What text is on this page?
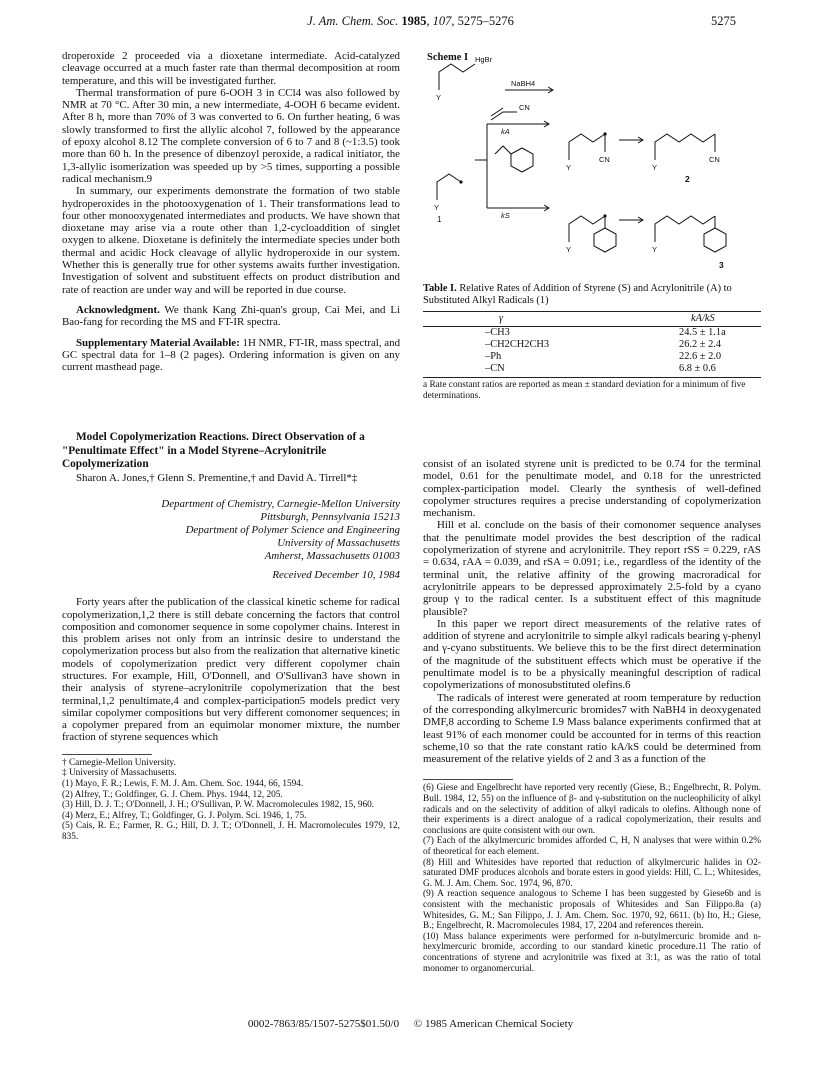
J. Am. Chem. Soc. 1985, 107, 5275–5276	5275

droperoxide 2 proceeded via a dioxetane intermediate. Acid-catalyzed cleavage occurred at a much faster rate than thermal decomposition at room temperature, and this will be investigated further.

Thermal transformation of pure 6-OOH 3 in CCl4 was also followed by NMR at 70 °C. After 30 min, a new intermediate, 4-OOH 6 became evident. After 8 h, more than 70% of 3 was converted to 6. On further heating, 6 was slowly transformed to first the allylic alcohol 7, followed by the appearance of epoxy alcohol 8.12 The complete conversion of 6 to 7 and 8 (~1:3.5) took more than 60 h. In the presence of dibenzoyl peroxide, a radical initiator, the 1,3-allylic isomerization was speeded up by >5 times, supporting a possible radical mechanism.9

In summary, our experiments demonstrate the formation of two stable hydroperoxides in the photooxygenation of 1. Their transformations lead to four other monooxygenated intermediates and products. We have shown that dioxetane may arise via a route other than 1,2-cycloaddition of singlet oxygen to alkene. Dioxetane is definitely the intermediate species under both thermal and acidic Hock cleavage of allylic hydroperoxide in our system. Whether this is generally true for other systems awaits further investigation. Investigation of solvent and substituent effects on product distribution and rate of reaction are under way and will be reported in due course.

Acknowledgment. We thank Kang Zhi-quan's group, Cai Mei, and Li Bao-fang for recording the MS and FT-IR spectra.

Supplementary Material Available: 1H NMR, FT-IR, mass spectral, and GC spectral data for 1–8 (2 pages). Ordering information is given on any current masthead page.

Model Copolymerization Reactions. Direct Observation of a "Penultimate Effect" in a Model Styrene–Acrylonitrile Copolymerization

Sharon A. Jones,† Glenn S. Prementine,† and David A. Tirrell*‡

Department of Chemistry, Carnegie-Mellon University
Pittsburgh, Pennsylvania 15213
Department of Polymer Science and Engineering
University of Massachusetts
Amherst, Massachusetts 01003
Received December 10, 1984

Forty years after the publication of the classical kinetic scheme for radical copolymerization,1,2 there is still debate concerning the factors that control composition and comonomer sequence in some copolymer chains. Interest in this problem arises not only from an intrinsic desire to understand the copolymerization process but also from the realization that alternative kinetic models of copolymerization predict very different copolymer chain structures. For example, Hill, O'Donnell, and O'Sullivan3 have shown in their analysis of styrene–acrylonitrile copolymerization that the best terminal,1,2 penultimate,4 and complex-participation5 models predict very similar copolymer compositions but very different comonomer sequences; in a copolymer prepared from an equimolar monomer mixture, the number fraction of styrene sequences which

† Carnegie-Mellon University.
‡ University of Massachusetts.
(1) Mayo, F. R.; Lewis, F. M. J. Am. Chem. Soc. 1944, 66, 1594.
(2) Alfrey, T.; Goldfinger, G. J. Chem. Phys. 1944, 12, 205.
(3) Hill, D. J. T.; O'Donnell, J. H.; O'Sullivan, P. W. Macromolecules 1982, 15, 960.
(4) Merz, E.; Alfrey, T.; Goldfinger, G. J. Polym. Sci. 1946, 1, 75.
(5) Cais, R. E.; Farmer, R. G.; Hill, D. J. T.; O'Donnell, J. H. Macromolecules 1979, 12, 835.
HgBr
NaBH4
Y
Y
1
kA
kS
CN
Y
CN
Y
CN
2
Y	Y
3
Scheme I

Table I. Relative Rates of Addition of Styrene (S) and Acrylonitrile (A) to Substituted Alkyl Radicals (1)

γ	kA/kS
–CH3	24.5 ± 1.1a
–CH2CH2CH3	26.2 ± 2.4
–Ph	22.6 ± 2.0
–CN	6.8 ± 0.6
a Rate constant ratios are reported as mean ± standard deviation for a minimum of five determinations.

consist of an isolated styrene unit is predicted to be 0.74 for the terminal model, 0.61 for the penultimate model, and 0.18 for the unrestricted complex-participation model. Clearly the synthesis of well-defined copolymer structures requires a precise understanding of copolymerization mechanism.

Hill et al. conclude on the basis of their comonomer sequence analyses that the penultimate model provides the best description of the radical copolymerization of styrene and acrylonitrile. They report rSS = 0.229, rAS = 0.634, rAA = 0.039, and rSA = 0.091; i.e., regardless of the identity of the terminal unit, the relative affinity of the growing macroradical for acrylonitrile appears to be depressed approximately 2.5-fold by a cyano group γ to the radical center. Is a substituent effect of this magnitude plausible?

In this paper we report direct measurements of the relative rates of addition of styrene and acrylonitrile to simple alkyl radicals bearing γ-phenyl and γ-cyano substituents. We believe this to be the first direct determination of the magnitude of the substituent effects which must be operative if the penultimate model is to be a physically meaningful description of radical copolymerizations of monosubstituted olefins.6

The radicals of interest were generated at room temperature by reduction of the corresponding alkylmercuric bromides7 with NaBH4 in deoxygenated DMF,8 according to Scheme I.9 Mass balance experiments confirmed that at least 91% of each monomer could be accounted for in terms of this reaction scheme,10 so that the rate constant ratio kA/kS could be determined from measurement of the relative yields of 2 and 3 as a function of the

(6) Giese and Engelbrecht have reported very recently (Giese, B.; Engelbrecht, R. Polym. Bull. 1984, 12, 55) on the influence of β- and γ-substitution on the nucleophilicity of alkyl radicals and on the selectivity of addition of alkyl radicals to olefins. Although none of their experiments is a direct analogue of a radical copolymerization, their results and conclusions are quite consistent with our own.
(7) Each of the alkylmercuric bromides afforded C, H, N analyses that were within 0.2% of theoretical for each element.
(8) Hill and Whitesides have reported that reduction of alkylmercuric halides in O2-saturated DMF produces alcohols and borate esters in good yields: Hill, C. L.; Whitesides, G. M. J. Am. Chem. Soc. 1974, 96, 870.
(9) A reaction sequence analogous to Scheme I has been suggested by Giese6b and is consistent with the mechanistic proposals of Whitesides and San Filippo.8a (a) Whitesides, G. M.; San Filippo, J. J. Am. Chem. Soc. 1970, 92, 6611. (b) Ito, H.; Giese, B.; Engelbrecht, R. Macromolecules 1984, 17, 2204 and references therein.
(10) Mass balance experiments were performed for n-butylmercuric bromide and n-hexylmercuric bromide, according to our standard kinetic procedure.11 The ratio of concentrations of styrene and acrylonitrile was fixed at 3:1, as was the ratio of total monomer to organomercurial.
0002-7863/85/1507-5275$01.50/0 © 1985 American Chemical Society
